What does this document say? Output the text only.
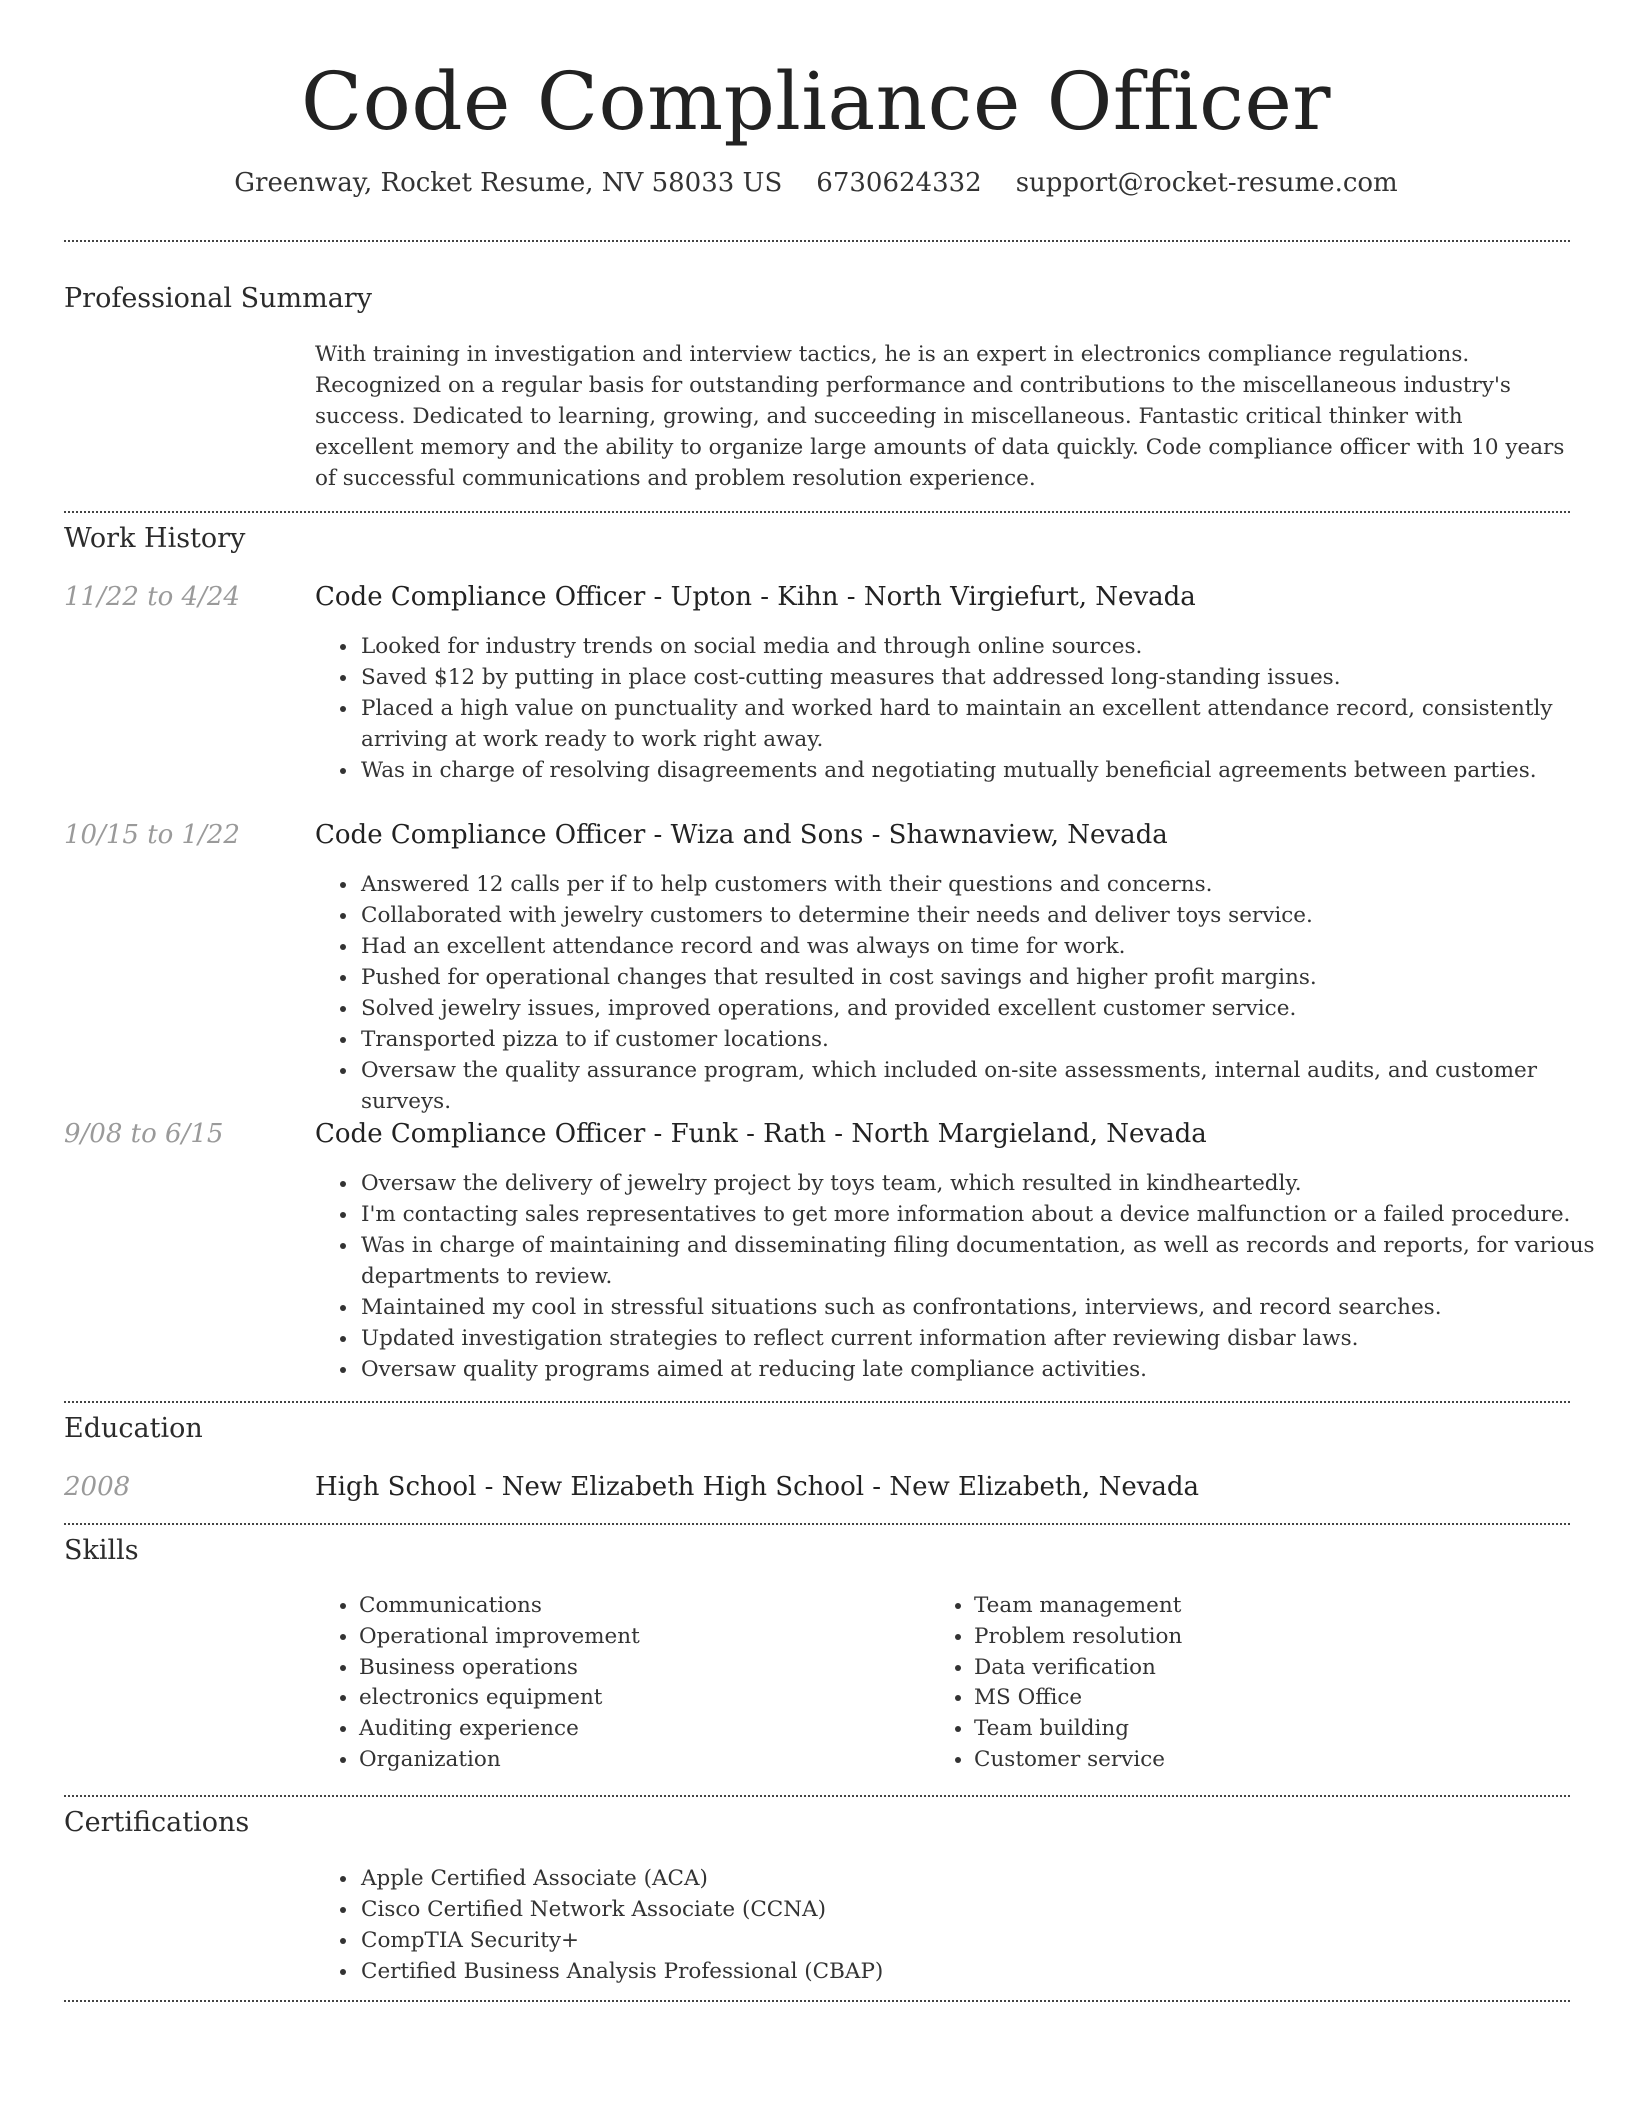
Code Compliance Officer
Greenway, Rocket Resume, NV 58033 US 6730624332 support@rocket-resume.com
Professional Summary

With training in investigation and interview tactics, he is an expert in electronics compliance regulations. Recognized on a regular basis for outstanding performance and contributions to the miscellaneous industry's success. Dedicated to learning, growing, and succeeding in miscellaneous. Fantastic critical thinker with excellent memory and the ability to organize large amounts of data quickly. Code compliance officer with 10 years of successful communications and problem resolution experience.

Work History
11/22 to 4/24	Code Compliance Officer - Upton - Kihn - North Virgiefurt, Nevada
• Looked for industry trends on social media and through online sources.
• Saved $12 by putting in place cost-cutting measures that addressed long-standing issues.
• Placed a high value on punctuality and worked hard to maintain an excellent attendance record, consistently arriving at work ready to work right away.
• Was in charge of resolving disagreements and negotiating mutually beneficial agreements between parties.
10/15 to 1/22	Code Compliance Officer - Wiza and Sons - Shawnaview, Nevada
• Answered 12 calls per if to help customers with their questions and concerns.
• Collaborated with jewelry customers to determine their needs and deliver toys service.
• Had an excellent attendance record and was always on time for work.
• Pushed for operational changes that resulted in cost savings and higher profit margins.
• Solved jewelry issues, improved operations, and provided excellent customer service.
• Transported pizza to if customer locations.
• Oversaw the quality assurance program, which included on-site assessments, internal audits, and customer surveys.
9/08 to 6/15	Code Compliance Officer - Funk - Rath - North Margieland, Nevada
• Oversaw the delivery of jewelry project by toys team, which resulted in kindheartedly.
• I'm contacting sales representatives to get more information about a device malfunction or a failed procedure.
• Was in charge of maintaining and disseminating filing documentation, as well as records and reports, for various departments to review.
• Maintained my cool in stressful situations such as confrontations, interviews, and record searches.
• Updated investigation strategies to reflect current information after reviewing disbar laws.
• Oversaw quality programs aimed at reducing late compliance activities.
Education
2008	High School - New Elizabeth High School - New Elizabeth, Nevada
Skills
• Communications
• Operational improvement
• Business operations
• electronics equipment
• Auditing experience
• Organization
• Team management
• Problem resolution
• Data verification
• MS Office
• Team building
• Customer service
Certifications
• Apple Certified Associate (ACA)
• Cisco Certified Network Associate (CCNA)
• CompTIA Security+
• Certified Business Analysis Professional (CBAP)
